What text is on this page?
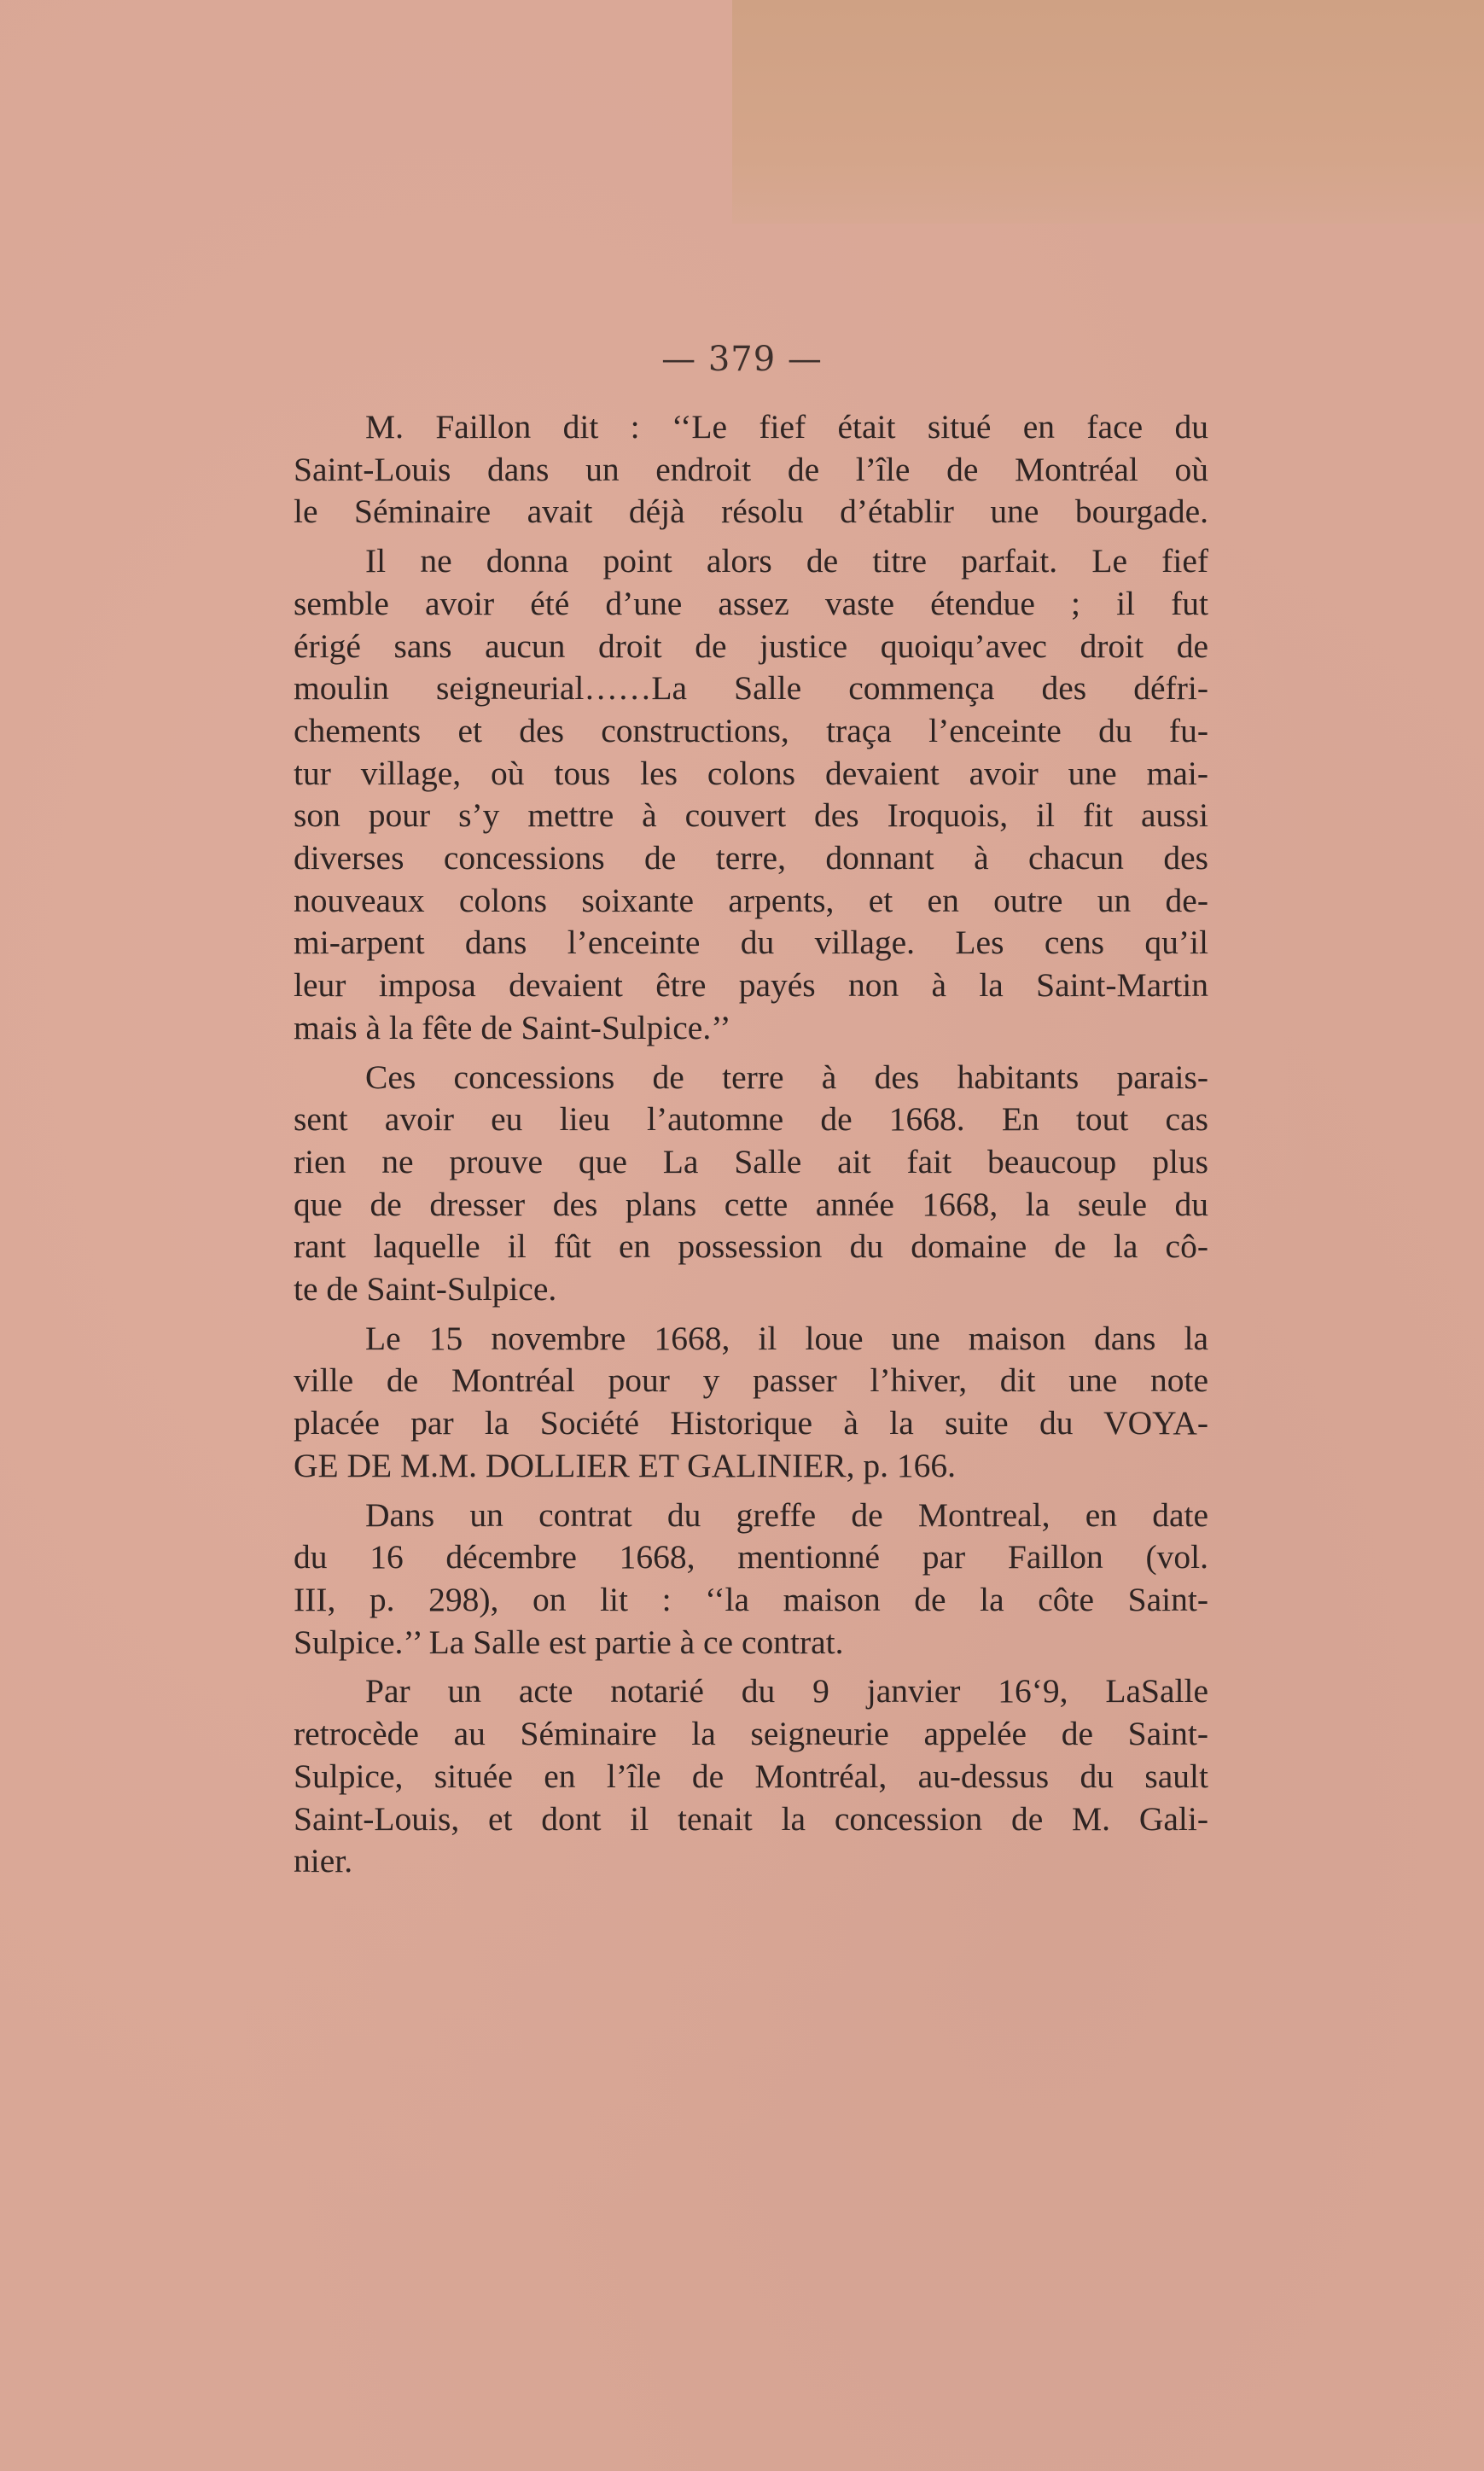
— 379 —
M. Faillon dit : ‘‘Le fief était situé en face du
Saint-Louis dans un endroit de l’île de Montréal où
le Séminaire avait déjà résolu d’établir une bourgade.
Il ne donna point alors de titre parfait. Le fief
semble avoir été d’une assez vaste étendue ; il fut
érigé sans aucun droit de justice quoiqu’avec droit de
moulin seigneurial……La Salle commença des défri-
chements et des constructions, traça l’enceinte du fu-
tur village, où tous les colons devaient avoir une mai-
son pour s’y mettre à couvert des Iroquois, il fit aussi
diverses concessions de terre, donnant à chacun des
nouveaux colons soixante arpents, et en outre un de-
mi-arpent dans l’enceinte du village. Les cens qu’il
leur imposa devaient être payés non à la Saint-Martin
mais à la fête de Saint-Sulpice.’’
Ces concessions de terre à des habitants parais-
sent avoir eu lieu l’automne de 1668. En tout cas
rien ne prouve que La Salle ait fait beaucoup plus
que de dresser des plans cette année 1668, la seule du
rant laquelle il fût en possession du domaine de la cô-
te de Saint-Sulpice.
Le 15 novembre 1668, il loue une maison dans la
ville de Montréal pour y passer l’hiver, dit une note
placée par la Société Historique à la suite du VOYA-
GE DE M.M. DOLLIER ET GALINIER, p. 166.
Dans un contrat du greffe de Montreal, en date
du 16 décembre 1668, mentionné par Faillon (vol.
III, p. 298), on lit : ‘‘la maison de la côte Saint-
Sulpice.’’ La Salle est partie à ce contrat.
Par un acte notarié du 9 janvier 16‘9, LaSalle
retrocède au Séminaire la seigneurie appelée de Saint-
Sulpice, située en l’île de Montréal, au-dessus du sault
Saint-Louis, et dont il tenait la concession de M. Gali-
nier.
